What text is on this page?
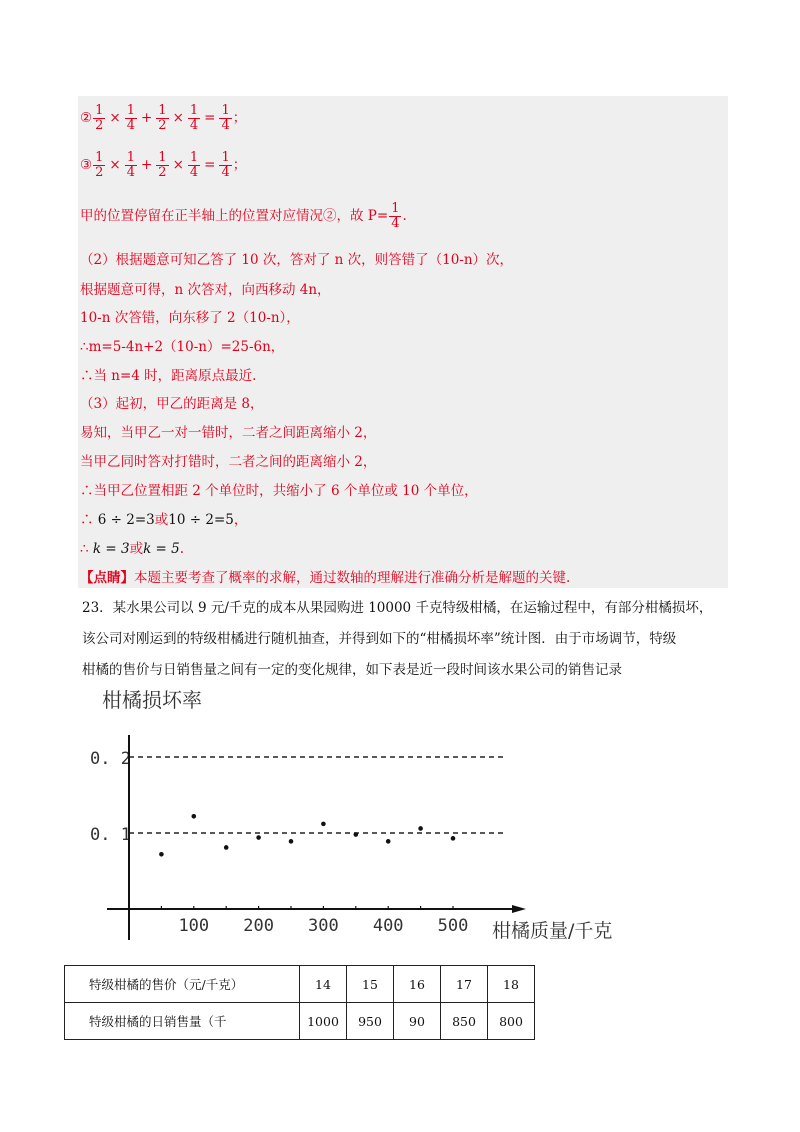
② $\frac{1}{2} \times \frac{1}{4} + \frac{1}{2} \times \frac{1}{4} = \frac{1}{4}$ ；
③ $\frac{1}{2} \times \frac{1}{4} + \frac{1}{2} \times \frac{1}{4} = \frac{1}{4}$ ；
甲的位置停留在正半轴上的位置对应情况②，故 $P= \frac{1}{4}$ .
（2）根据题意可知乙答了 10 次，答对了 n 次，则答错了（10-n）次，
根据题意可得，n 次答对，向西移动 4n，
10-n 次答错，向东移了 2（10-n），
∴m=5-4n+2（10-n）=25-6n，
∴当 n=4 时，距离原点最近.
（3）起初，甲乙的距离是 8，
易知，当甲乙一对一错时，二者之间距离缩小 2，
当甲乙同时答对打错时，二者之间的距离缩小 2，
∴当甲乙位置相距 2 个单位时，共缩小了 6 个单位或 10 个单位，
∴ 6 ÷ 2=3或10 ÷ 2=5，
∴ k = 3或k = 5.
【点睛】本题主要考查了概率的求解，通过数轴的理解进行准确分析是解题的关键.
23．某水果公司以 9 元/千克的成本从果园购进 10000 千克特级柑橘，在运输过程中，有部分柑橘损坏，
该公司对刚运到的特级柑橘进行随机抽查，并得到如下的“柑橘损坏率”统计图．由于市场调节，特级
柑橘的售价与日销售量之间有一定的变化规律，如下表是近一段时间该水果公司的销售记录
柑橘损坏率
0. 1
0. 2
100 200 300 400 500 柑橘质量/千克
特级柑橘的售价（元/千克）	14	15	16	17	18
特级柑橘的日销售量（千	1000	950	90	850	800
